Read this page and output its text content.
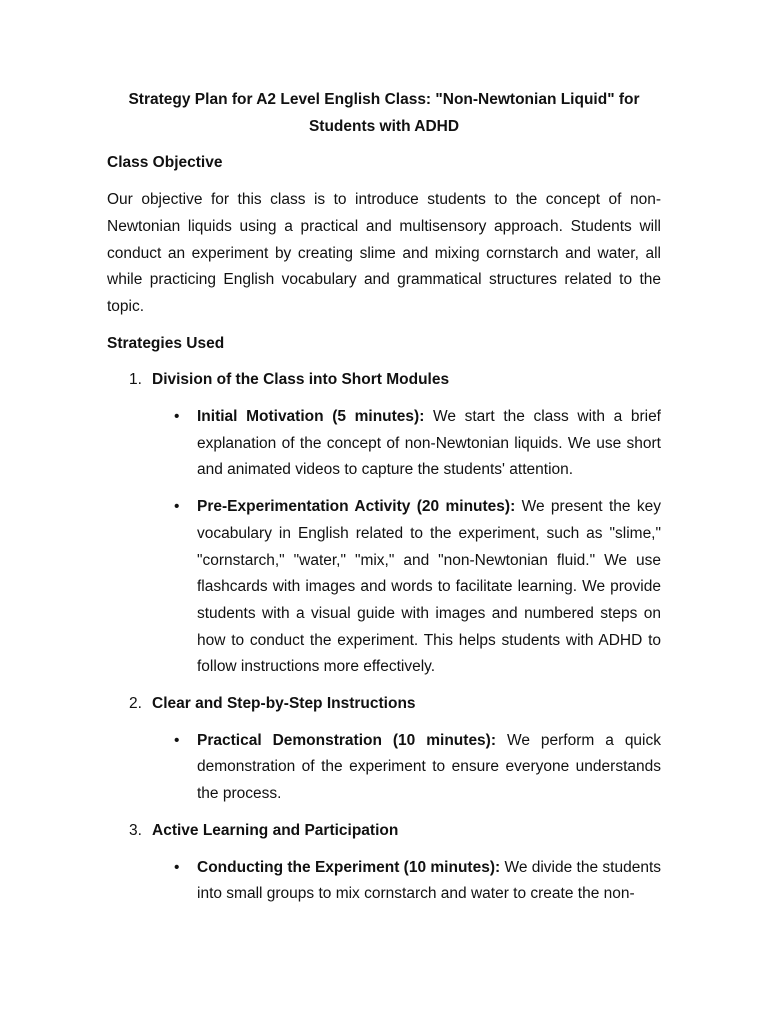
Strategy Plan for A2 Level English Class: "Non-Newtonian Liquid" for Students with ADHD
Class Objective

Our objective for this class is to introduce students to the concept of non-Newtonian liquids using a practical and multisensory approach. Students will conduct an experiment by creating slime and mixing cornstarch and water, all while practicing English vocabulary and grammatical structures related to the topic.

Strategies Used
1. Division of the Class into Short Modules
• Initial Motivation (5 minutes): We start the class with a brief explanation of the concept of non-Newtonian liquids. We use short and animated videos to capture the students' attention.
• Pre-Experimentation Activity (20 minutes): We present the key vocabulary in English related to the experiment, such as "slime," "cornstarch," "water," "mix," and "non-Newtonian fluid." We use flashcards with images and words to facilitate learning. We provide students with a visual guide with images and numbered steps on how to conduct the experiment. This helps students with ADHD to follow instructions more effectively.
2. Clear and Step-by-Step Instructions
• Practical Demonstration (10 minutes): We perform a quick demonstration of the experiment to ensure everyone understands the process.
3. Active Learning and Participation
• Conducting the Experiment (10 minutes): We divide the students into small groups to mix cornstarch and water to create the non-
